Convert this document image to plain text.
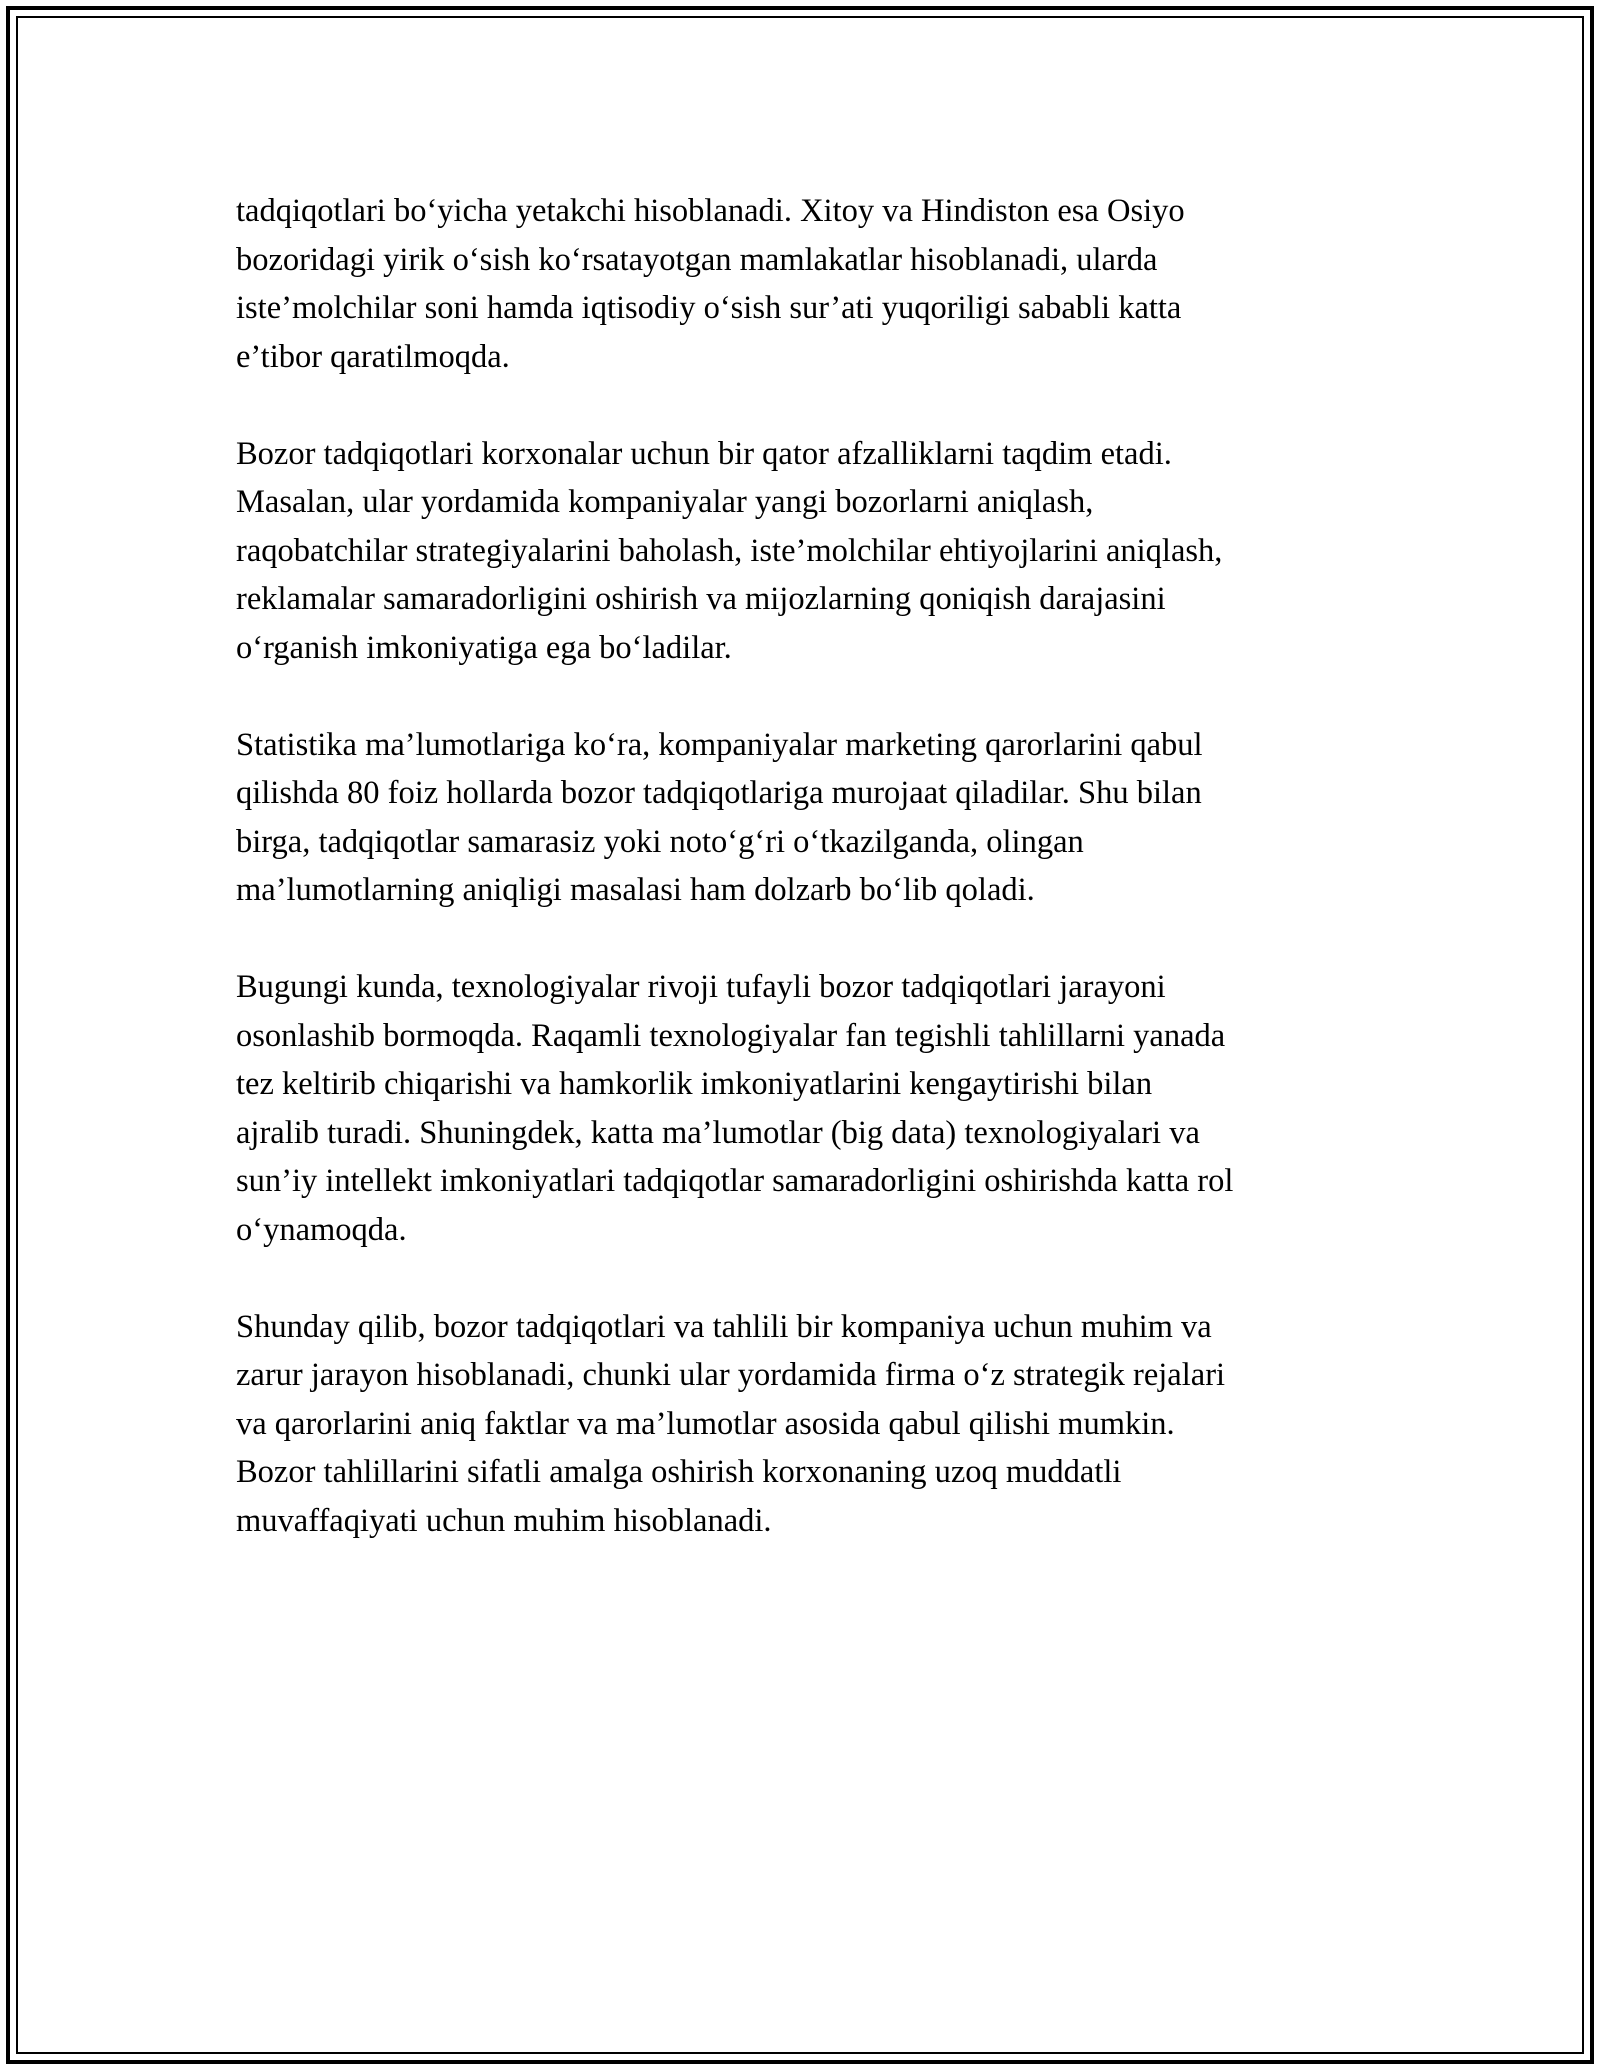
tadqiqotlari bo‘yicha yetakchi hisoblanadi. Xitoy va Hindiston esa Osiyo
bozoridagi yirik o‘sish ko‘rsatayotgan mamlakatlar hisoblanadi, ularda
iste’molchilar soni hamda iqtisodiy o‘sish sur’ati yuqoriligi sababli katta
e’tibor qaratilmoqda.

Bozor tadqiqotlari korxonalar uchun bir qator afzalliklarni taqdim etadi.
Masalan, ular yordamida kompaniyalar yangi bozorlarni aniqlash,
raqobatchilar strategiyalarini baholash, iste’molchilar ehtiyojlarini aniqlash,
reklamalar samaradorligini oshirish va mijozlarning qoniqish darajasini
o‘rganish imkoniyatiga ega bo‘ladilar.

Statistika ma’lumotlariga ko‘ra, kompaniyalar marketing qarorlarini qabul
qilishda 80 foiz hollarda bozor tadqiqotlariga murojaat qiladilar. Shu bilan
birga, tadqiqotlar samarasiz yoki noto‘g‘ri o‘tkazilganda, olingan
ma’lumotlarning aniqligi masalasi ham dolzarb bo‘lib qoladi.

Bugungi kunda, texnologiyalar rivoji tufayli bozor tadqiqotlari jarayoni
osonlashib bormoqda. Raqamli texnologiyalar fan tegishli tahlillarni yanada
tez keltirib chiqarishi va hamkorlik imkoniyatlarini kengaytirishi bilan
ajralib turadi. Shuningdek, katta ma’lumotlar (big data) texnologiyalari va
sun’iy intellekt imkoniyatlari tadqiqotlar samaradorligini oshirishda katta rol
o‘ynamoqda.

Shunday qilib, bozor tadqiqotlari va tahlili bir kompaniya uchun muhim va
zarur jarayon hisoblanadi, chunki ular yordamida firma o‘z strategik rejalari
va qarorlarini aniq faktlar va ma’lumotlar asosida qabul qilishi mumkin.
Bozor tahlillarini sifatli amalga oshirish korxonaning uzoq muddatli
muvaffaqiyati uchun muhim hisoblanadi.
